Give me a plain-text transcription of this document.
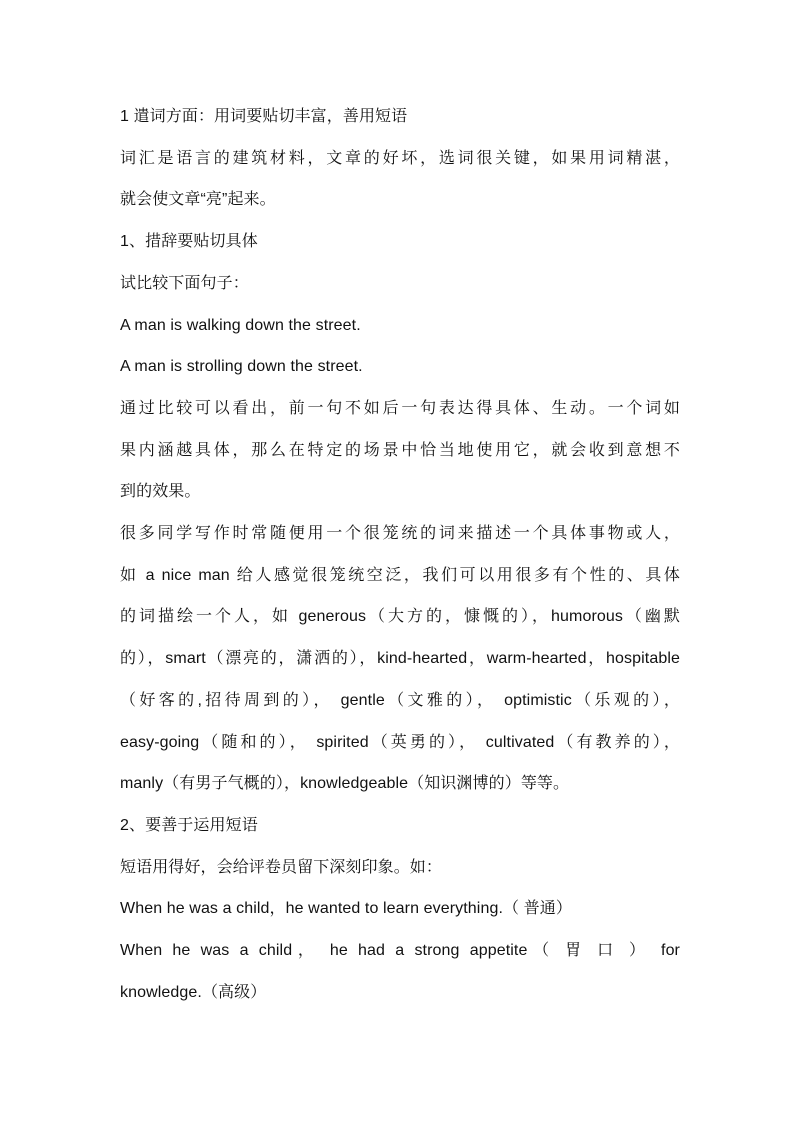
1 遣词方面：用词要贴切丰富，善用短语
词汇是语言的建筑材料，文章的好坏，选词很关键，如果用词精湛，
就会使文章“亮”起来。
1、措辞要贴切具体
试比较下面句子：
A man is walking down the street.
A man is strolling down the street.
通过比较可以看出，前一句不如后一句表达得具体、生动。一个词如
果内涵越具体，那么在特定的场景中恰当地使用它，就会收到意想不
到的效果。
很多同学写作时常随便用一个很笼统的词来描述一个具体事物或人，
如 a nice man 给人感觉很笼统空泛，我们可以用很多有个性的、具体
的词描绘一个人，如 generous（大方的，慷慨的），humorous（幽默
的），smart（漂亮的，潇洒的），kind-hearted，warm-hearted，hospitable
（好客的,招待周到的）， gentle（文雅的）， optimistic（乐观的），
easy-going（随和的）， spirited（英勇的）， cultivated（有教养的），
manly（有男子气概的），knowledgeable（知识渊博的）等等。
2、要善于运用短语
短语用得好，会给评卷员留下深刻印象。如：
When he was a child，he wanted to learn everything.（ 普通）
When he was a child， he had a strong appetite（ 胃 口 ） for
knowledge.（高级）
